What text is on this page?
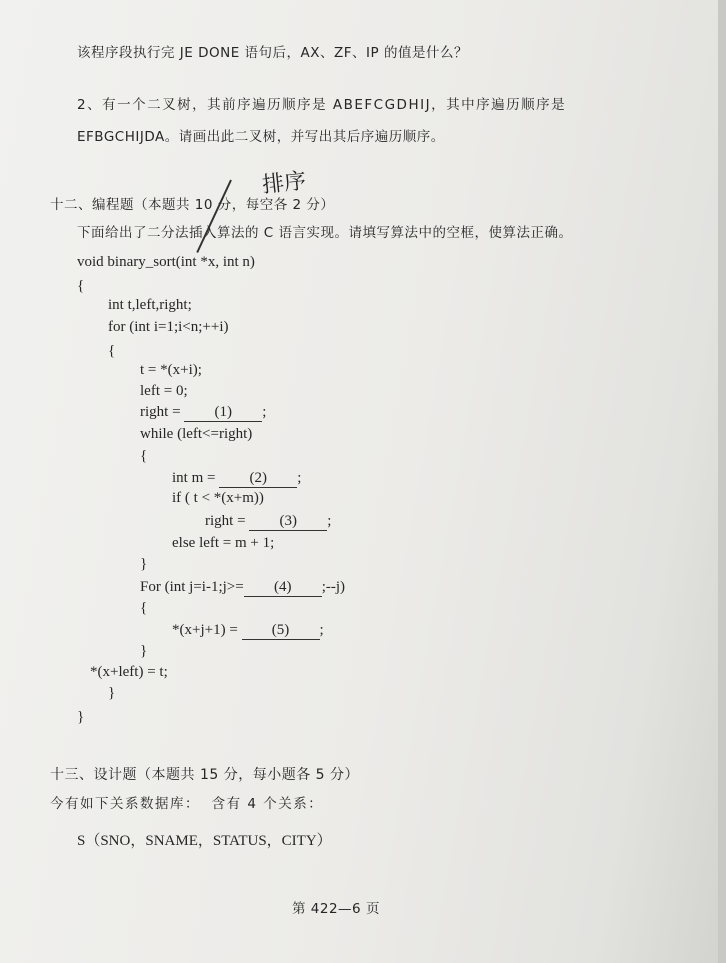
该程序段执行完 JE DONE 语句后，AX、ZF、IP 的值是什么？
2、有一个二叉树，其前序遍历顺序是 ABEFCGDHIJ，其中序遍历顺序是
EFBGCHIJDA。请画出此二叉树，并写出其后序遍历顺序。
排序
十二、编程题（本题共 10 分，每空各 2 分）
下面给出了二分法插入算法的 C 语言实现。请填写算法中的空框，使算法正确。
void binary_sort(int *x, int n)
{
int t,left,right;
for (int i=1;i<n;++i)
{
t = *(x+i);
left = 0;
right = (1) ;
while (left<=right)
{
int m = (2) ;
if ( t < *(x+m))
right = (3) ;
else left = m + 1;
}
For (int j=i-1;j>= (4) ;--j)
{
*(x+j+1) = (5) ;
}
*(x+left) = t;
}
}
十三、设计题（本题共 15 分，每小题各 5 分）
今有如下关系数据库：  含有 4 个关系：
S（SNO，SNAME，STATUS，CITY）
第 422—6 页
